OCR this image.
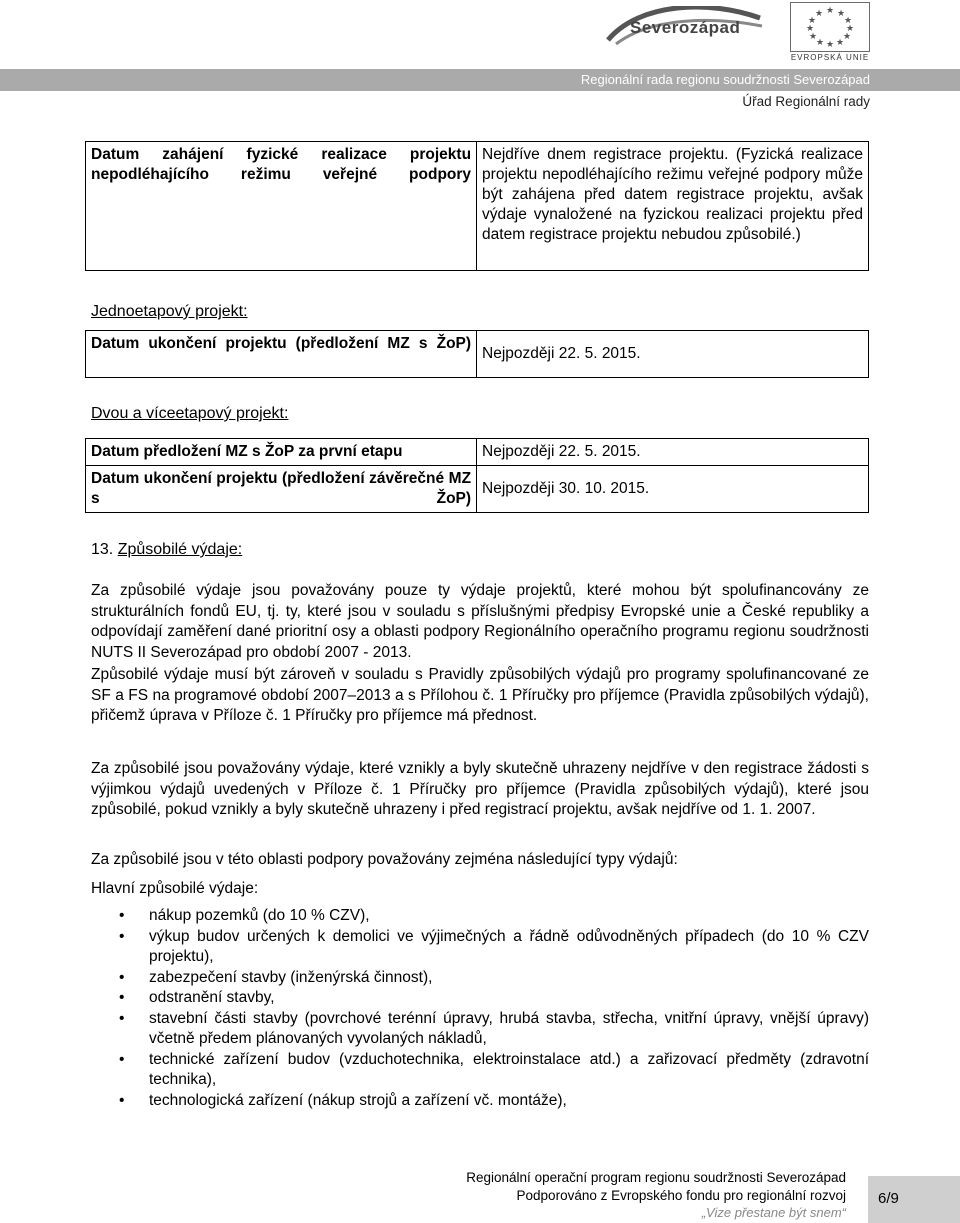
Severozápad
★ ★
★
★
★
★
★
★
★
★
★
★
EVROPSKÁ UNIE
Regionální rada regionu soudržnosti Severozápad
Úřad Regionální rady
Datum zahájení fyzické realizace projektu nepodléhajícího režimu veřejné podpory	Nejdříve dnem registrace projektu. (Fyzická realizace projektu nepodléhajícího režimu veřejné podpory může být zahájena před datem registrace projektu, avšak výdaje vynaložené na fyzickou realizaci projektu před datem registrace projektu nebudou způsobilé.)
Jednoetapový projekt:
Datum ukončení projektu (předložení MZ s ŽoP)	Nejpozději 22. 5. 2015.
Dvou a víceetapový projekt:
Datum předložení MZ s ŽoP za první etapu	Nejpozději 22. 5. 2015.
Datum ukončení projektu (předložení závěrečné MZ s ŽoP)	Nejpozději 30. 10. 2015.
13. Způsobilé výdaje:
Za způsobilé výdaje jsou považovány pouze ty výdaje projektů, které mohou být spolufinancovány ze strukturálních fondů EU, tj. ty, které jsou v souladu s příslušnými předpisy Evropské unie a České republiky a odpovídají zaměření dané prioritní osy a oblasti podpory Regionálního operačního programu regionu soudržnosti NUTS II Severozápad pro období 2007 - 2013.
Způsobilé výdaje musí být zároveň v souladu s Pravidly způsobilých výdajů pro programy spolufinancované ze SF a FS na programové období 2007–2013 a s Přílohou č. 1 Příručky pro příjemce (Pravidla způsobilých výdajů), přičemž úprava v Příloze č. 1 Příručky pro příjemce má přednost.
Za způsobilé jsou považovány výdaje, které vznikly a byly skutečně uhrazeny nejdříve v den registrace žádosti s výjimkou výdajů uvedených v Příloze č. 1 Příručky pro příjemce (Pravidla způsobilých výdajů), které jsou způsobilé, pokud vznikly a byly skutečně uhrazeny i před registrací projektu, avšak nejdříve od 1. 1. 2007.
Za způsobilé jsou v této oblasti podpory považovány zejména následující typy výdajů:
Hlavní způsobilé výdaje:
• nákup pozemků (do 10 % CZV),
• výkup budov určených k demolici ve výjimečných a řádně odůvodněných případech (do 10 % CZV projektu),
• zabezpečení stavby (inženýrská činnost),
• odstranění stavby,
• stavební části stavby (povrchové terénní úpravy, hrubá stavba, střecha, vnitřní úpravy, vnější úpravy) včetně předem plánovaných vyvolaných nákladů,
• technické zařízení budov (vzduchotechnika, elektroinstalace atd.) a zařizovací předměty (zdravotní technika),
• technologická zařízení (nákup strojů a zařízení vč. montáže),
Regionální operační program regionu soudržnosti Severozápad
Podporováno z Evropského fondu pro regionální rozvoj
„Vize přestane být snem“
6/9
